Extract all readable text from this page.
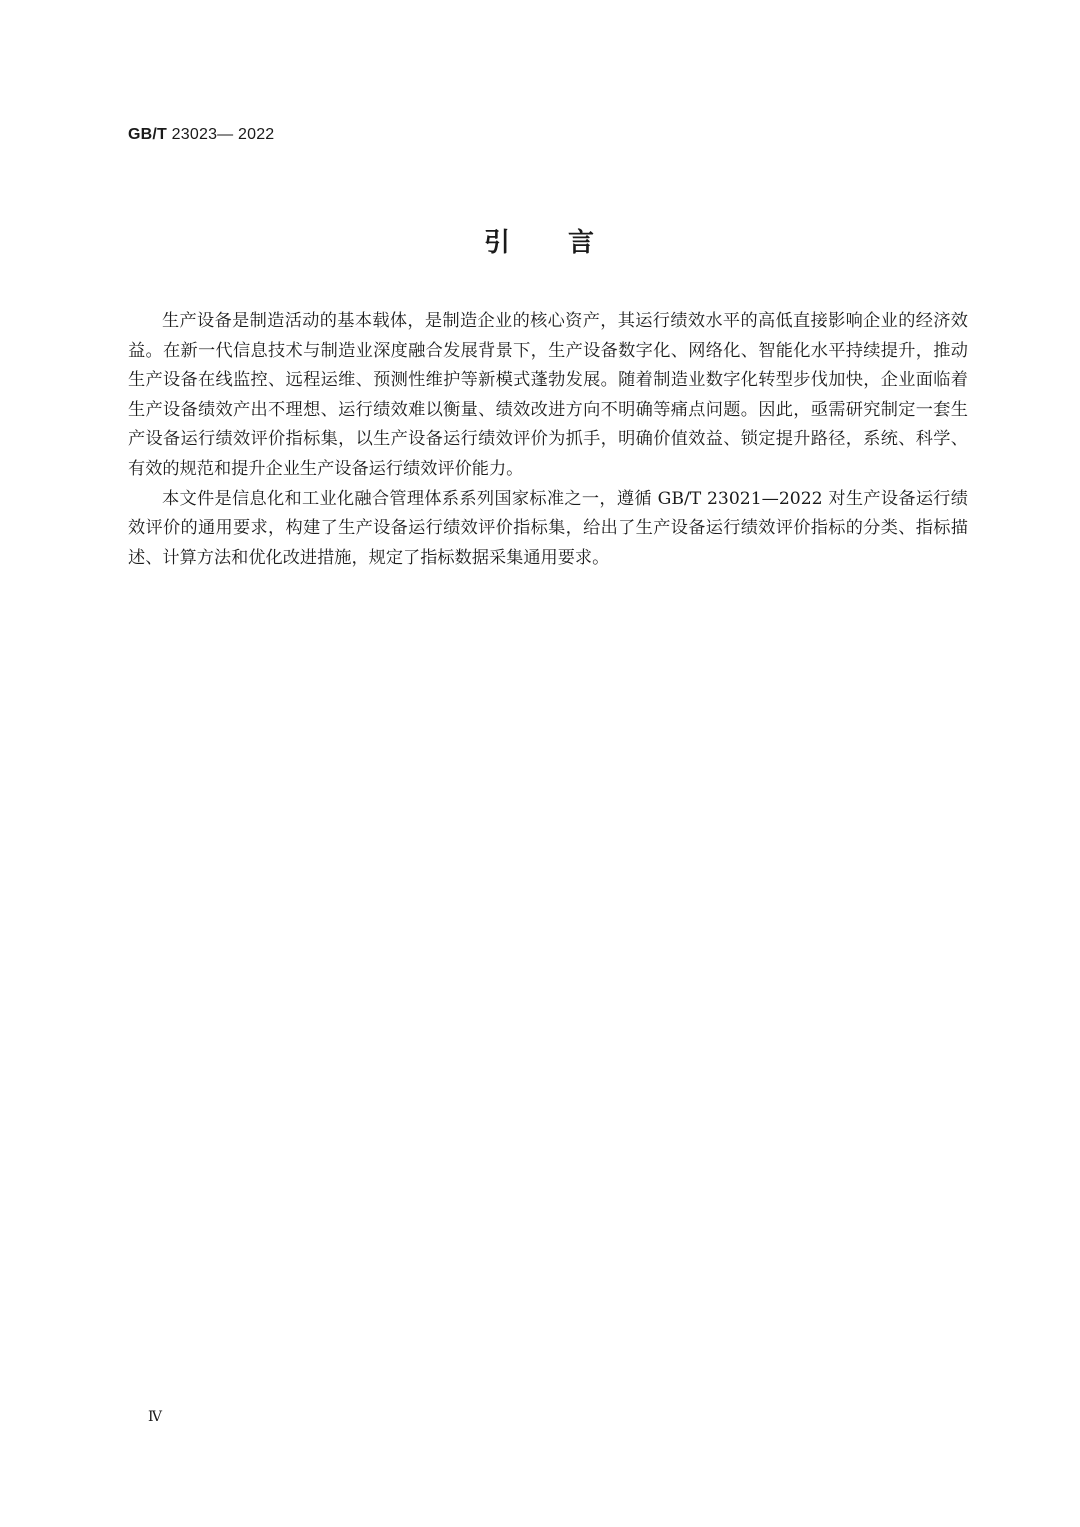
GB/T 23023— 2022
引　　言

生产设备是制造活动的基本载体，是制造企业的核心资产，其运行绩效水平的高低直接影响企业的经济效益。在新一代信息技术与制造业深度融合发展背景下，生产设备数字化、网络化、智能化水平持续提升，推动生产设备在线监控、远程运维、预测性维护等新模式蓬勃发展。随着制造业数字化转型步伐加快，企业面临着生产设备绩效产出不理想、运行绩效难以衡量、绩效改进方向不明确等痛点问题。因此，亟需研究制定一套生产设备运行绩效评价指标集，以生产设备运行绩效评价为抓手，明确价值效益、锁定提升路径，系统、科学、有效的规范和提升企业生产设备运行绩效评价能力。

本文件是信息化和工业化融合管理体系系列国家标准之一，遵循 GB/T 23021—2022 对生产设备运行绩效评价的通用要求，构建了生产设备运行绩效评价指标集，给出了生产设备运行绩效评价指标的分类、指标描述、计算方法和优化改进措施，规定了指标数据采集通用要求。

Ⅳ
